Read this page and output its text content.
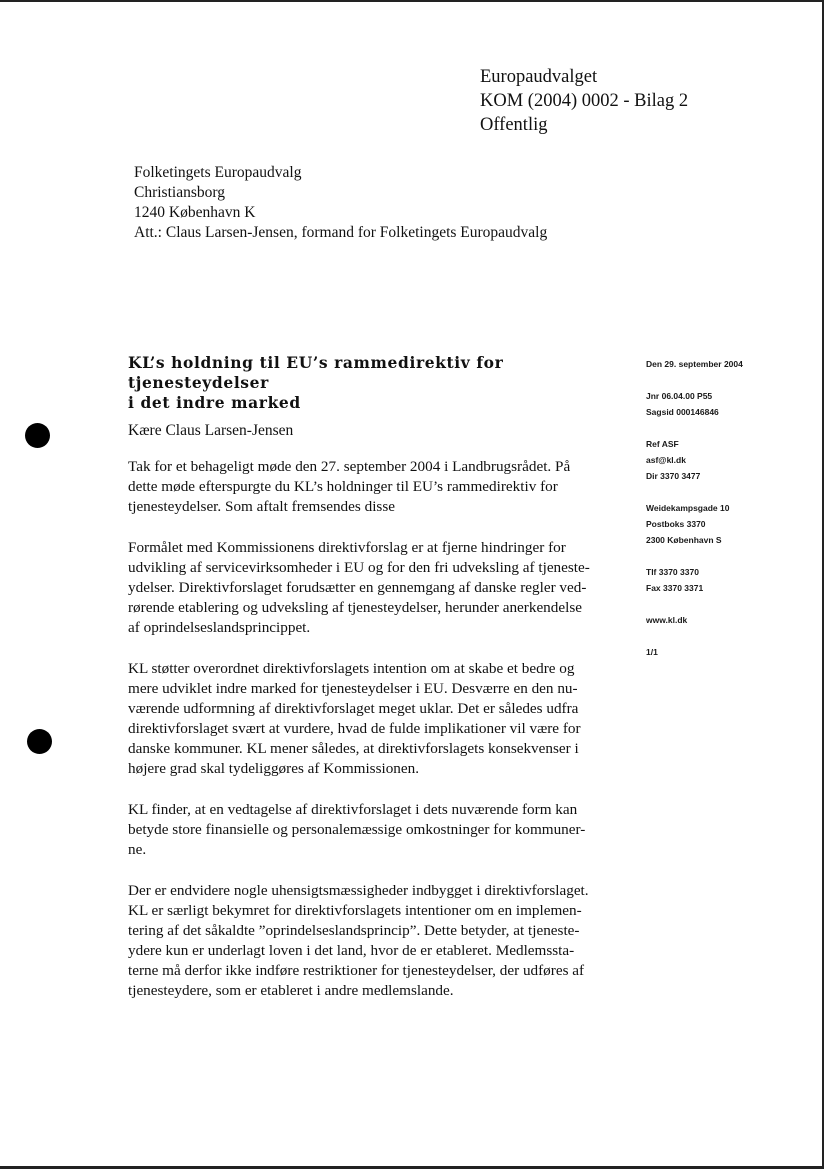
Europaudvalget
KOM (2004) 0002 - Bilag 2
Offentlig
Folketingets Europaudvalg
Christiansborg
1240 København K
Att.: Claus Larsen-Jensen, formand for Folketingets Europaudvalg
KL’s holdning til EU’s rammedirektiv for tjenesteydelser
i det indre marked
Den 29. september 2004
Jnr 06.04.00 P55
Sagsid 000146846
Ref ASF
asf@kl.dk
Dir 3370 3477
Weidekampsgade 10
Postboks 3370
2300 København S
Tlf 3370 3370
Fax 3370 3371
www.kl.dk
1/1
Kære Claus Larsen-Jensen

Tak for et behageligt møde den 27. september 2004 i Landbrugsrådet. På
dette møde efterspurgte du KL’s holdninger til EU’s rammedirektiv for
tjenesteydelser. Som aftalt fremsendes disse

Formålet med Kommissionens direktivforslag er at fjerne hindringer for
udvikling af servicevirksomheder i EU og for den fri udveksling af tjeneste-
ydelser. Direktivforslaget forudsætter en gennemgang af danske regler ved-
rørende etablering og udveksling af tjenesteydelser, herunder anerkendelse
af oprindelseslandsprincippet.

KL støtter overordnet direktivforslagets intention om at skabe et bedre og
mere udviklet indre marked for tjenesteydelser i EU. Desværre en den nu-
værende udformning af direktivforslaget meget uklar. Det er således udfra
direktivforslaget svært at vurdere, hvad de fulde implikationer vil være for
danske kommuner. KL mener således, at direktivforslagets konsekvenser i
højere grad skal tydeliggøres af Kommissionen.

KL finder, at en vedtagelse af direktivforslaget i dets nuværende form kan
betyde store finansielle og personalemæssige omkostninger for kommuner-
ne.

Der er endvidere nogle uhensigtsmæssigheder indbygget i direktivforslaget.
KL er særligt bekymret for direktivforslagets intentioner om en implemen-
tering af det såkaldte ”oprindelseslandsprincip”. Dette betyder, at tjeneste-
ydere kun er underlagt loven i det land, hvor de er etableret. Medlemssta-
terne må derfor ikke indføre restriktioner for tjenesteydelser, der udføres af
tjenesteydere, som er etableret i andre medlemslande.
